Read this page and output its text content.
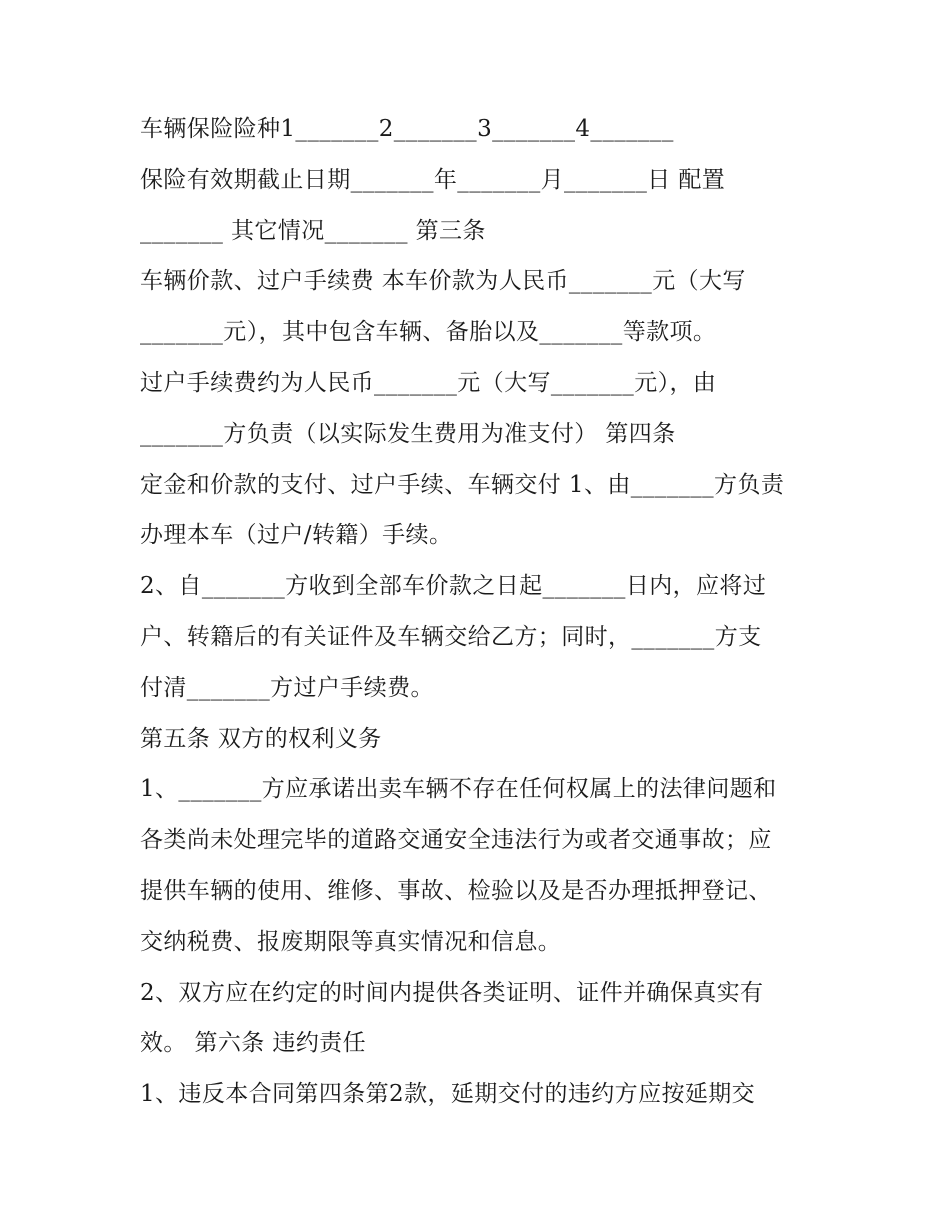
车辆保险险种1_______2_______3_______4_______
保险有效期截止日期_______年_______月_______日 配置
_______ 其它情况_______ 第三条
车辆价款、过户手续费 本车价款为人民币_______元（大写
_______元），其中包含车辆、备胎以及_______等款项。
过户手续费约为人民币_______元（大写_______元），由
_______方负责（以实际发生费用为准支付） 第四条
定金和价款的支付、过户手续、车辆交付 1、由_______方负责
办理本车（过户/转籍）手续。
2、自_______方收到全部车价款之日起_______日内，应将过
户、转籍后的有关证件及车辆交给乙方；同时，_______方支
付清_______方过户手续费。
第五条 双方的权利义务
1、_______方应承诺出卖车辆不存在任何权属上的法律问题和
各类尚未处理完毕的道路交通安全违法行为或者交通事故；应
提供车辆的使用、维修、事故、检验以及是否办理抵押登记、
交纳税费、报废期限等真实情况和信息。
2、双方应在约定的时间内提供各类证明、证件并确保真实有
效。 第六条 违约责任
1、违反本合同第四条第2款，延期交付的违约方应按延期交
